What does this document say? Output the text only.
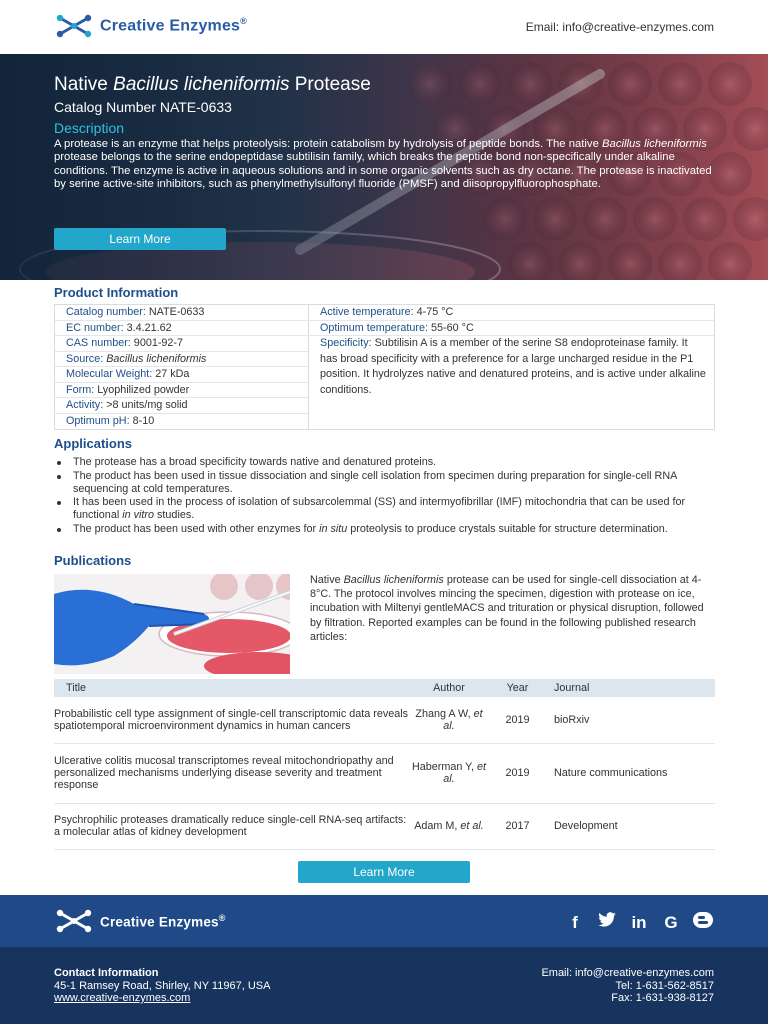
Creative Enzymes®	Email: info@creative-enzymes.com
Native Bacillus licheniformis Protease
Catalog Number NATE-0633
Description

A protease is an enzyme that helps proteolysis: protein catabolism by hydrolysis of peptide bonds. The native Bacillus licheniformis protease belongs to the serine endopeptidase subtilisin family, which breaks the peptide bond non-specifically under alkaline conditions. The enzyme is active in aqueous solutions and in some organic solvents such as dry octane. The protease is inactivated by serine active-site inhibitors, such as phenylmethylsulfonyl fluoride (PMSF) and diisopropylfluorophosphate.

Learn More
Product Information
Catalog number: NATE-0633
EC number: 3.4.21.62
CAS number: 9001-92-7
Source: Bacillus licheniformis
Molecular Weight: 27 kDa
Form: Lyophilized powder
Activity: >8 units/mg solid
Optimum pH: 8-10
Active temperature: 4-75 °C
Optimum temperature: 55-60 °C
Specificity: Subtilisin A is a member of the serine S8 endoproteinase family. It has broad specificity with a preference for a large uncharged residue in the P1 position. It hydrolyzes native and denatured proteins, and is active under alkaline conditions.
Applications
The protease has a broad specificity towards native and denatured proteins.
The product has been used in tissue dissociation and single cell isolation from specimen during preparation for single-cell RNA sequencing at cold temperatures.
It has been used in the process of isolation of subsarcolemmal (SS) and intermyofibrillar (IMF) mitochondria that can be used for functional in vitro studies.
The product has been used with other enzymes for in situ proteolysis to produce crystals suitable for structure determination.
Publications

Native Bacillus licheniformis protease can be used for single-cell dissociation at 4-8°C. The protocol involves mincing the specimen, digestion with protease on ice, incubation with Miltenyi gentleMACS and trituration or physical disruption, followed by filtration. Reported examples can be found in the following published research articles:

Title	Author	Year	Journal
Probabilistic cell type assignment of single-cell transcriptomic data reveals spatiotemporal microenvironment dynamics in human cancers	Zhang A W, et al.	2019	bioRxiv
Ulcerative colitis mucosal transcriptomes reveal mitochondriopathy and personalized mechanisms underlying disease severity and treatment response	Haberman Y, et al.	2019	Nature communications
Psychrophilic proteases dramatically reduce single-cell RNA-seq artifacts: a molecular atlas of kidney development	Adam M, et al.	2017	Development
Learn More
Creative Enzymes®	f	in G
Contact Information
45-1 Ramsey Road, Shirley, NY 11967, USA
www.creative-enzymes.com
Email: info@creative-enzymes.com
Tel: 1-631-562-8517
Fax: 1-631-938-8127
